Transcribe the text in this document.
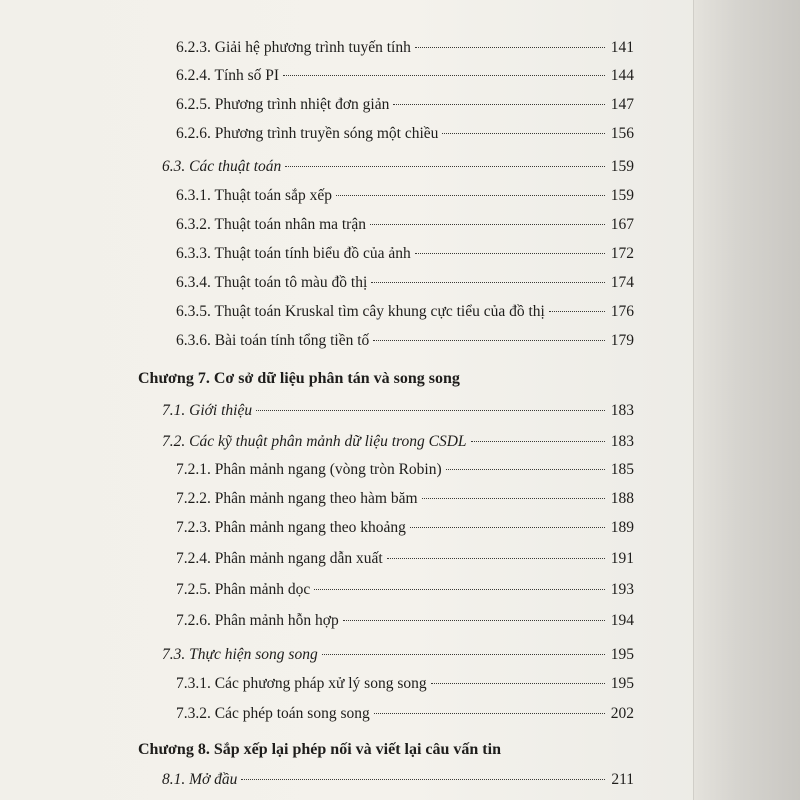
6.2.3. Giải hệ phương trình tuyến tính	141
6.2.4. Tính số PI	144
6.2.5. Phương trình nhiệt đơn giản	147
6.2.6. Phương trình truyền sóng một chiều	156
6.3. Các thuật toán	159
6.3.1. Thuật toán sắp xếp	159
6.3.2. Thuật toán nhân ma trận	167
6.3.3. Thuật toán tính biểu đồ của ảnh	172
6.3.4. Thuật toán tô màu đồ thị	174
6.3.5. Thuật toán Kruskal tìm cây khung cực tiểu của đồ thị	176
6.3.6. Bài toán tính tổng tiền tố	179
Chương 7. Cơ sở dữ liệu phân tán và song song
7.1. Giới thiệu	183
7.2. Các kỹ thuật phân mảnh dữ liệu trong CSDL	183
7.2.1. Phân mảnh ngang (vòng tròn Robin)	185
7.2.2. Phân mảnh ngang theo hàm băm	188
7.2.3. Phân mảnh ngang theo khoảng	189
7.2.4. Phân mảnh ngang dẫn xuất	191
7.2.5. Phân mảnh dọc	193
7.2.6. Phân mảnh hỗn hợp	194
7.3. Thực hiện song song	195
7.3.1. Các phương pháp xử lý song song	195
7.3.2. Các phép toán song song	202
Chương 8. Sắp xếp lại phép nối và viết lại câu vấn tin
8.1. Mở đầu	211
